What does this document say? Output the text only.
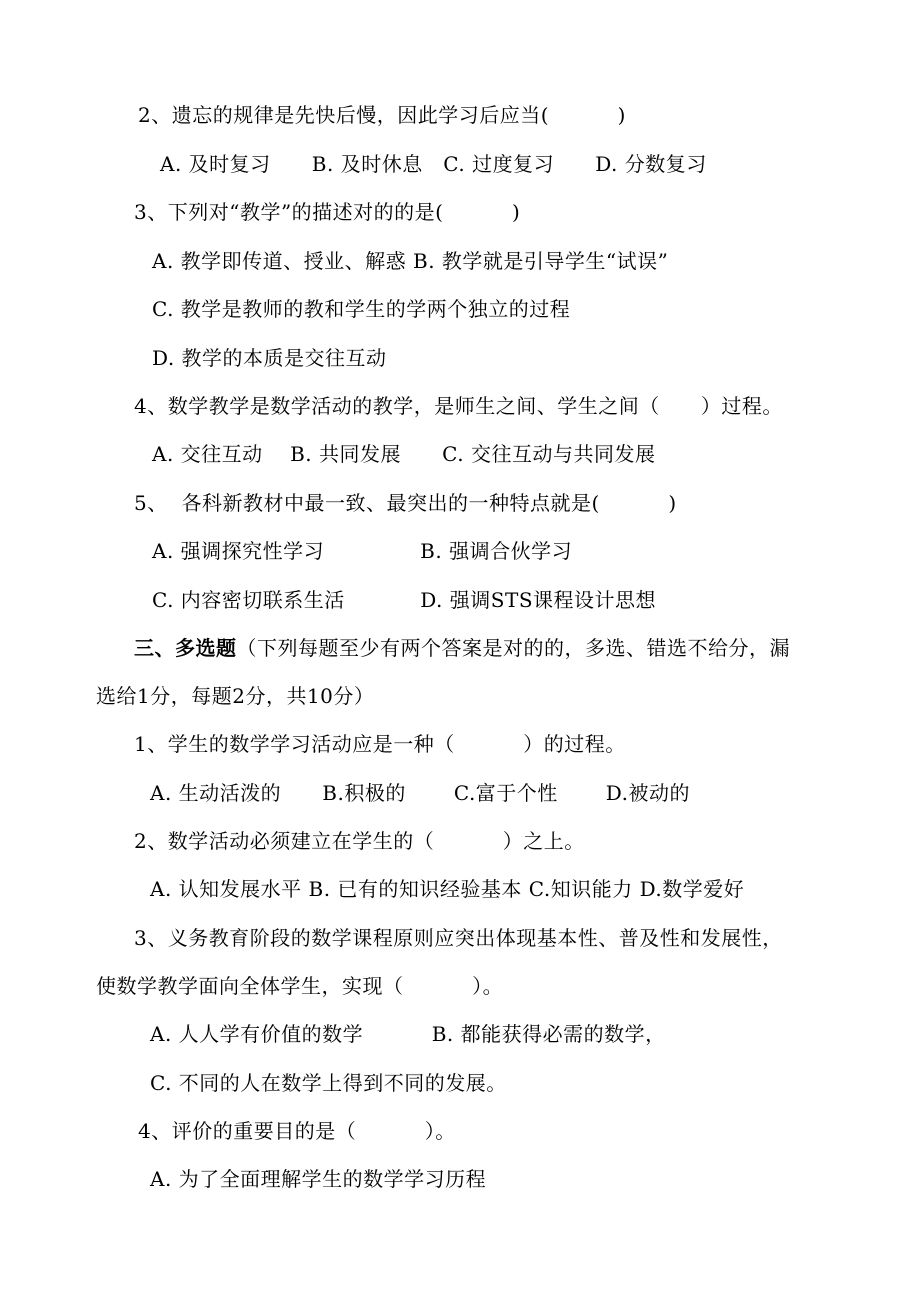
2、遗忘的规律是先快后慢，因此学习后应当(          )
A. 及时复习      B. 及时休息   C. 过度复习      D. 分数复习
3、下列对“教学”的描述对的的是(          )
A. 教学即传道、授业、解惑 B. 教学就是引导学生“试误”
C. 教学是教师的教和学生的学两个独立的过程
D. 教学的本质是交往互动
4、数学教学是数学活动的教学，是师生之间、学生之间（      ）过程。
A. 交往互动    B. 共同发展      C. 交往互动与共同发展
5、  各科新教材中最一致、最突出的一种特点就是(          )
A. 强调探究性学习              B. 强调合伙学习
C. 内容密切联系生活           D. 强调STS课程设计思想
三、多选题（下列每题至少有两个答案是对的的，多选、错选不给分，漏
选给1分，每题2分，共10分）
1、学生的数学学习活动应是一种（          ）的过程。
A. 生动活泼的      B.积极的       C.富于个性       D.被动的
2、数学活动必须建立在学生的（          ）之上。
A. 认知发展水平 B. 已有的知识经验基本 C.知识能力 D.数学爱好
3、义务教育阶段的数学课程原则应突出体现基本性、普及性和发展性，
使数学教学面向全体学生，实现（          ）。
A. 人人学有价值的数学          B. 都能获得必需的数学，
C. 不同的人在数学上得到不同的发展。
4、评价的重要目的是（          ）。
A. 为了全面理解学生的数学学习历程
